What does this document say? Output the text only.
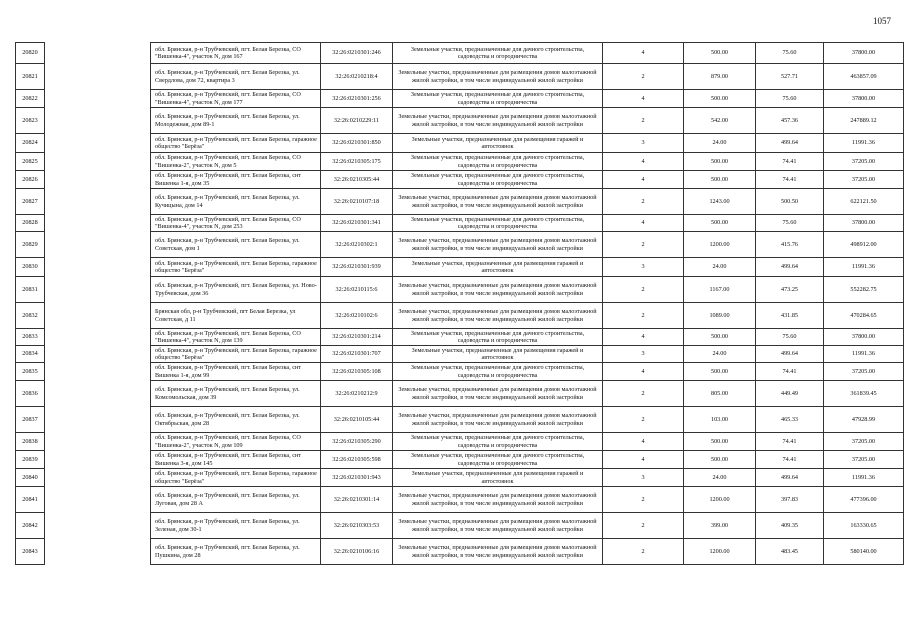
1057
20820		обл. Брянская, р-н Трубчевский, пгт. Белая Березка, СО "Вишенка-4", участок N, дом 167	32:26:0210301:246	Земельные участки, предназначенные для дачного строительства, садоводства и огородничества	4	500.00	75.60	37800.00
20821		обл. Брянская, р-н Трубчевский, пгт. Белая Березка, ул. Свердлова, дом 72, квартира 3	32:26:0210218:4	Земельные участки, предназначенные для размещения домов малоэтажной жилой застройки, в том числе индивидуальной жилой застройки	2	879.00	527.71	463857.09
20822		обл. Брянская, р-н Трубчевский, пгт. Белая Березка, СО "Вишенка-4", участок N, дом 177	32:26:0210301:256	Земельные участки, предназначенные для дачного строительства, садоводства и огородничества	4	500.00	75.60	37800.00
20823		обл. Брянская, р-н Трубчевский, пгт. Белая Березка, ул. Молодежная, дом 89-1	32:26:0210229:11	Земельные участки, предназначенные для размещения домов малоэтажной жилой застройки, в том числе индивидуальной жилой застройки	2	542.00	457.36	247889.12
20824		обл. Брянская, р-н Трубчевский, пгт. Белая Березка, гаражное общество "Берёза"	32:26:0210301:850	Земельные участки, предназначенные для размещения гаражей и автостоянок	3	24.00	499.64	11991.36
20825		обл. Брянская, р-н Трубчевский, пгт. Белая Березка, СО "Вишенка-2", участок N, дом 5	32:26:0210305:175	Земельные участки, предназначенные для дачного строительства, садоводства и огородничества	4	500.00	74.41	37205.00
20826		обл. Брянская, р-н Трубчевский, пгт. Белая Березка, снт Вишенка 1-я, дом 35	32:26:0210305:44	Земельные участки, предназначенные для дачного строительства, садоводства и огородничества	4	500.00	74.41	37205.00
20827		обл. Брянская, р-н Трубчевский, пгт. Белая Березка, ул. Кучицына, дом 14	32:26:0210107:18	Земельные участки, предназначенные для размещения домов малоэтажной жилой застройки, в том числе индивидуальной жилой застройки	2	1243.00	500.50	622121.50
20828		обл. Брянская, р-н Трубчевский, пгт. Белая Березка, СО "Вишенка-4", участок N, дом 253	32:26:0210301:341	Земельные участки, предназначенные для дачного строительства, садоводства и огородничества	4	500.00	75.60	37800.00
20829		обл. Брянская, р-н Трубчевский, пгт. Белая Березка, ул. Советская, дом 1	32:26:0210302:1	Земельные участки, предназначенные для размещения домов малоэтажной жилой застройки, в том числе индивидуальной жилой застройки	2	1200.00	415.76	498912.00
20830		обл. Брянская, р-н Трубчевский, пгт. Белая Березка, гаражное общество "Берёза"	32:26:0210301:939	Земельные участки, предназначенные для размещения гаражей и автостоянок	3	24.00	499.64	11991.36
20831		обл. Брянская, р-н Трубчевский, пгт. Белая Березка, ул. Ново-Трубчевская, дом 36	32:26:0210115:6	Земельные участки, предназначенные для размещения домов малоэтажной жилой застройки, в том числе индивидуальной жилой застройки	2	1167.00	473.25	552282.75
20832		Брянская обл, р-н Трубчевский, пгт Белая Березка, ул Советская, д 11	32:26:0210102:6	Земельные участки, предназначенные для размещения домов малоэтажной жилой застройки, в том числе индивидуальной жилой застройки	2	1089.00	431.85	470284.65
20833		обл. Брянская, р-н Трубчевский, пгт. Белая Березка, СО "Вишенка-4", участок N, дом 139	32:26:0210301:214	Земельные участки, предназначенные для дачного строительства, садоводства и огородничества	4	500.00	75.60	37800.00
20834		обл. Брянская, р-н Трубчевский, пгт. Белая Березка, гаражное общество "Берёза"	32:26:0210301:707	Земельные участки, предназначенные для размещения гаражей и автостоянок	3	24.00	499.64	11991.36
20835		обл. Брянская, р-н Трубчевский, пгт. Белая Березка, снт Вишенка 1-я, дом 99	32:26:0210305:108	Земельные участки, предназначенные для дачного строительства, садоводства и огородничества	4	500.00	74.41	37205.00
20836		обл. Брянская, р-н Трубчевский, пгт. Белая Березка, ул. Комсомольская, дом 39	32:26:0210212:9	Земельные участки, предназначенные для размещения домов малоэтажной жилой застройки, в том числе индивидуальной жилой застройки	2	805.00	449.49	361839.45
20837		обл. Брянская, р-н Трубчевский, пгт. Белая Березка, ул. Октябрьская, дом 28	32:26:0210105:44	Земельные участки, предназначенные для размещения домов малоэтажной жилой застройки, в том числе индивидуальной жилой застройки	2	103.00	465.33	47928.99
20838		обл. Брянская, р-н Трубчевский, пгт. Белая Березка, СО "Вишенка-2", участок N, дом 109	32:26:0210305:290	Земельные участки, предназначенные для дачного строительства, садоводства и огородничества	4	500.00	74.41	37205.00
20839		обл. Брянская, р-н Трубчевский, пгт. Белая Березка, снт Вишенка 3-я, дом 145	32:26:0210305:598	Земельные участки, предназначенные для дачного строительства, садоводства и огородничества	4	500.00	74.41	37205.00
20840		обл. Брянская, р-н Трубчевский, пгт. Белая Березка, гаражное общество "Берёза"	32:26:0210301:943	Земельные участки, предназначенные для размещения гаражей и автостоянок	3	24.00	499.64	11991.36
20841		обл. Брянская, р-н Трубчевский, пгт. Белая Березка, ул. Луговая, дом 28 А	32:26:0210301:14	Земельные участки, предназначенные для размещения домов малоэтажной жилой застройки, в том числе индивидуальной жилой застройки	2	1200.00	397.83	477396.00
20842		обл. Брянская, р-н Трубчевский, пгт. Белая Березка, ул. Зеленая, дом 30-1	32:26:0210303:53	Земельные участки, предназначенные для размещения домов малоэтажной жилой застройки, в том числе индивидуальной жилой застройки	2	399.00	409.35	163330.65
20843		обл. Брянская, р-н Трубчевский, пгт. Белая Березка, ул. Пушкина, дом 28	32:26:0210106:16	Земельные участки, предназначенные для размещения домов малоэтажной жилой застройки, в том числе индивидуальной жилой застройки	2	1200.00	483.45	580140.00
